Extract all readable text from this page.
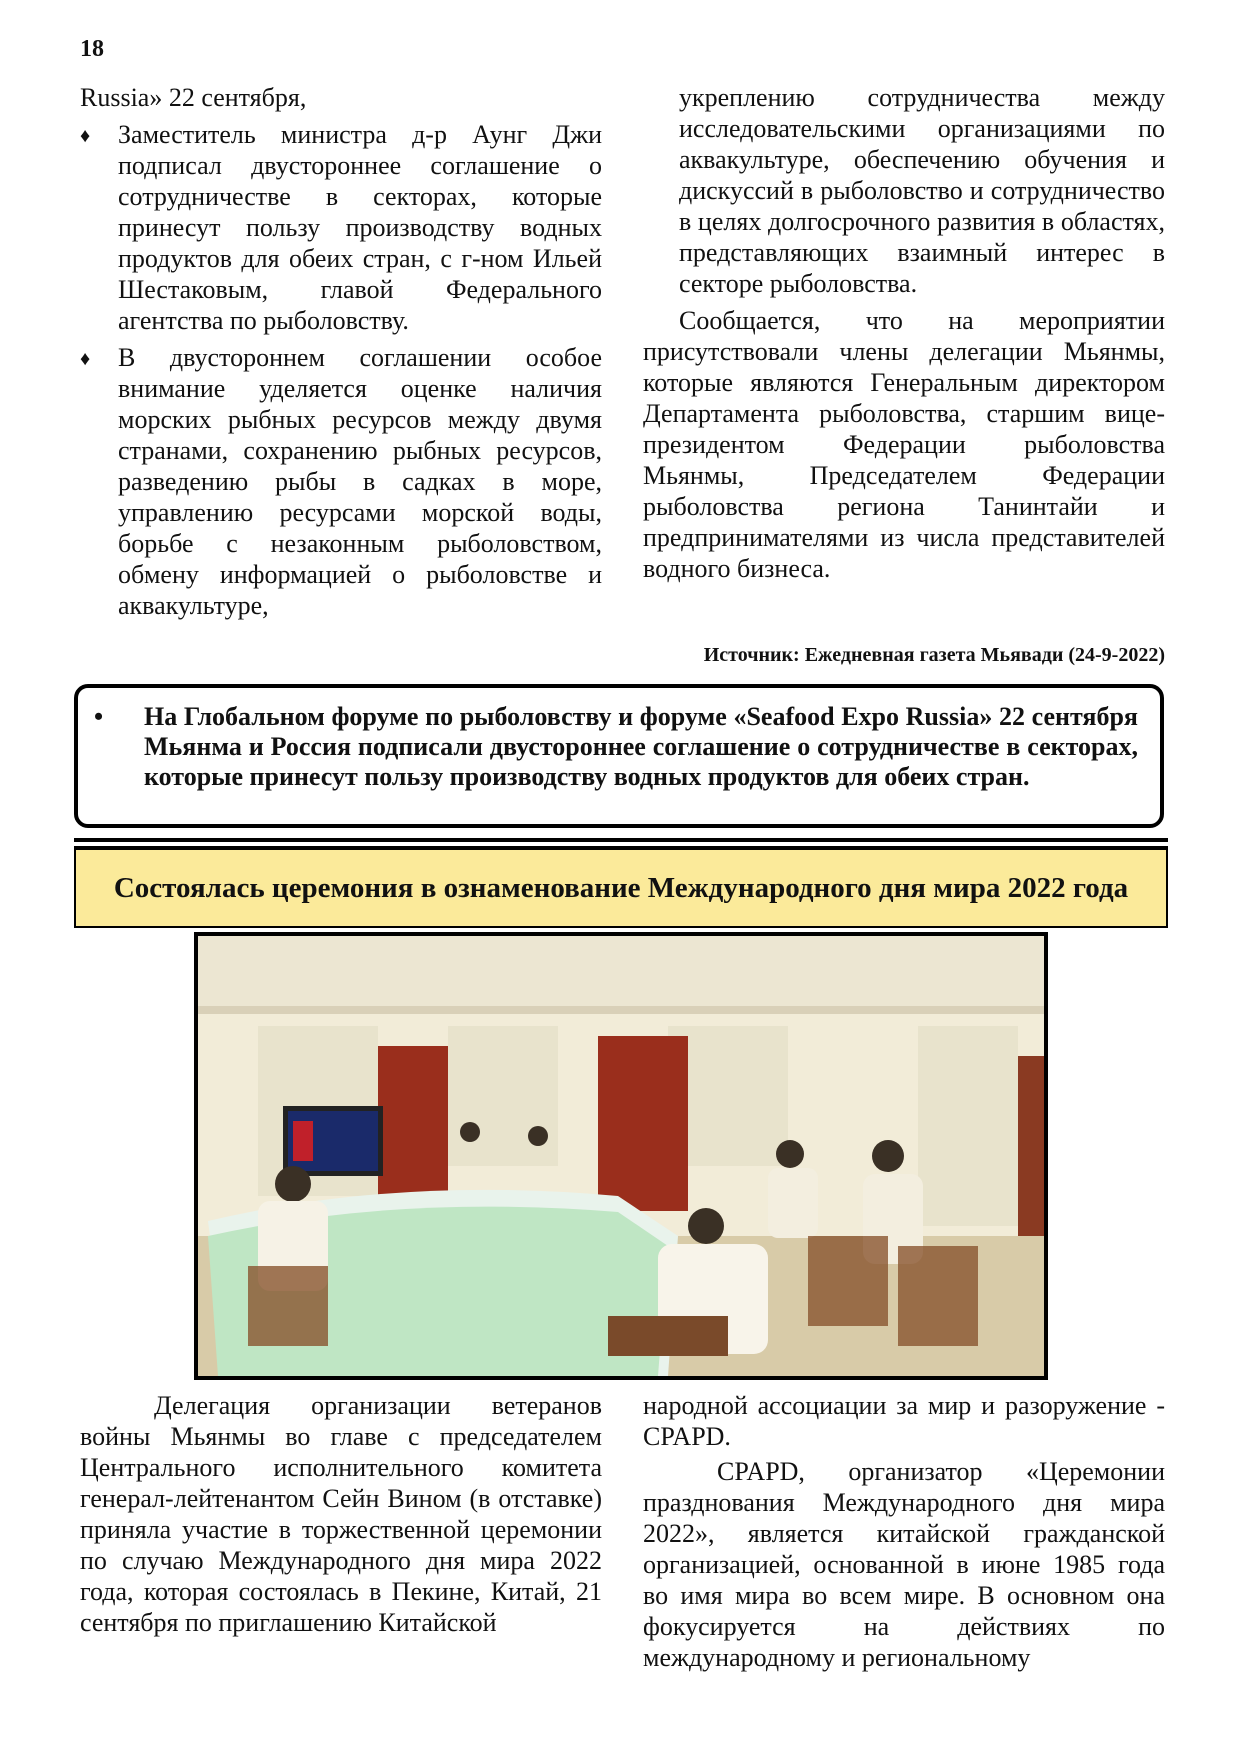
18

Russia» 22 сентября,

♦ Заместитель министра д-р Аунг Джи подписал двустороннее соглашение о сотрудничестве в секторах, которые принесут пользу производству водных продуктов для обеих стран, с г-ном Ильей Шестаковым, главой Федерального агентства по рыболовству.

♦ В двустороннем соглашении особое внимание уделяется оценке наличия морских рыбных ресурсов между двумя странами, сохранению рыбных ресурсов, разведению рыбы в садках в море, управлению ресурсами морской воды, борьбе с незаконным рыболовством, обмену информацией о рыболовстве и аквакультуре,

укреплению сотрудничества между исследовательскими организациями по аквакультуре, обеспечению обучения и дискуссий в рыболовство и сотрудничество в целях долгосрочного развития в областях, представляющих взаимный интерес в секторе рыболовства.

Сообщается, что на мероприятии присутствовали члены делегации Мьянмы, которые являются Генеральным директором Департамента рыболовства, старшим вице-президентом Федерации рыболовства Мьянмы, Председателем Федерации рыболовства региона Танинтайи и предпринимателями из числа представителей водного бизнеса.

Источник: Ежедневная газета Мьявади (24-9-2022)
•	На Глобальном форуме по рыболовству и форуме «Seafood Expo Russia» 22 сентября Мьянма и Россия подписали двустороннее соглашение о сотрудничестве в секторах, которые принесут пользу производству водных продуктов для обеих стран.

Состоялась церемония в ознаменование Международного дня мира 2022 года

Делегация организации ветеранов войны Мьянмы во главе с председателем Центрального исполнительного комитета генерал-лейтенантом Сейн Вином (в отставке) приняла участие в торжественной церемонии по случаю Международного дня мира 2022 года, которая состоялась в Пекине, Китай, 21 сентября по приглашению Китайской

народной ассоциации за мир и разоружение - CPAPD.

CPAPD, организатор «Церемонии празднования Международного дня мира 2022», является китайской гражданской организацией, основанной в июне 1985 года во имя мира во всем мире. В основном она фокусируется на действиях по международному и региональному
